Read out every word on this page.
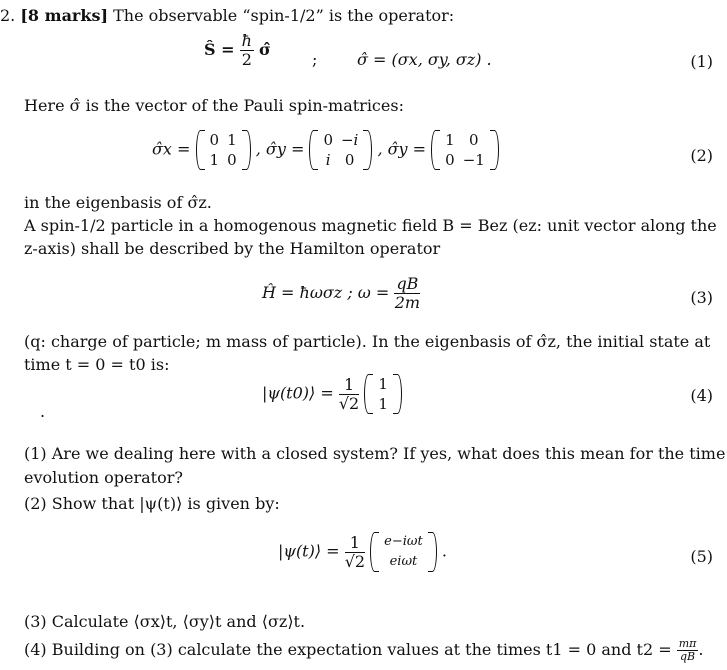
2. [8 marks] The observable “spin-1/2” is the operator:
Ŝ = $\frac{ħ}{2}$ σ̂
; σ̂ = (σx, σy, σz) .	(1)
Here σ̂ is the vector of the Pauli spin-matrices:
σ̂x = 0	1
1	0
, σ̂y = 0	−i
i	0
, σ̂y = 1	0
0	−1	(2)
in the eigenbasis of σ̂z.
A spin-1/2 particle in a homogenous magnetic field B = Bez (ez: unit vector along the
z-axis) shall be described by the Hamilton operator
Ĥ = ħωσz ; $\omega = \frac{qB}{2m}$	(3)
(q: charge of particle; m mass of particle). In the eigenbasis of σ̂z, the initial state at
time t = 0 = t0 is:
|ψ(t0)⟩ = $\frac{1}{√2}$
1
1	(4)
.
(1) Are we dealing here with a closed system? If yes, what does this mean for the time
evolution operator?
(2) Show that |ψ(t)⟩ is given by:
|ψ(t)⟩ = $\frac{1}{√2}$
e−iωt
eiωt
.	(5)
(3) Calculate ⟨σx⟩t, ⟨σy⟩t and ⟨σz⟩t.
(4) Building on (3) calculate the expectation values at the times t1 = 0 and $t2 = \frac{m\pi}{qB}$ .
